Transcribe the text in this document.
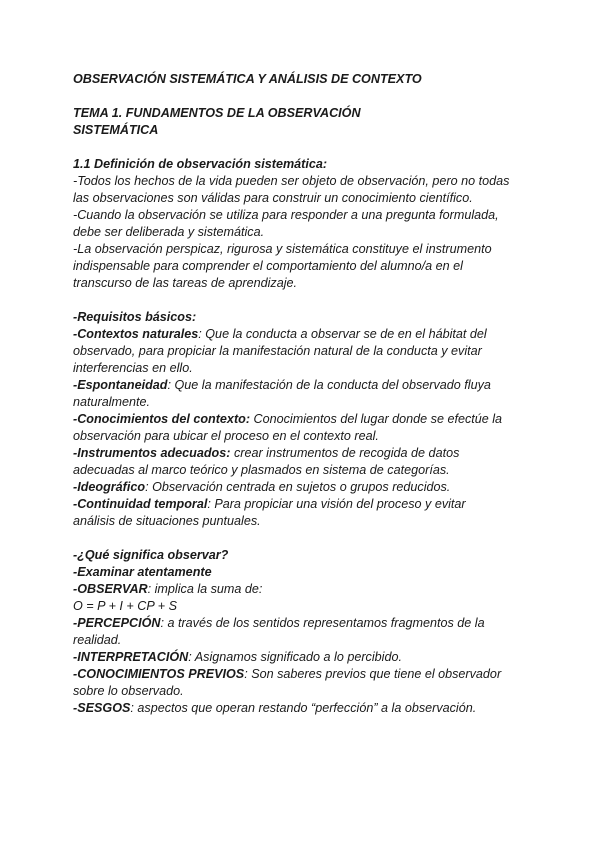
OBSERVACIÓN SISTEMÁTICA Y ANÁLISIS DE CONTEXTO
TEMA 1. FUNDAMENTOS DE LA OBSERVACIÓN
SISTEMÁTICA
1.1 Definición de observación sistemática:
-Todos los hechos de la vida pueden ser objeto de observación, pero no todas
las observaciones son válidas para construir un conocimiento científico.
-Cuando la observación se utiliza para responder a una pregunta formulada,
debe ser deliberada y sistemática.
-La observación perspicaz, rigurosa y sistemática constituye el instrumento
indispensable para comprender el comportamiento del alumno/a en el
transcurso de las tareas de aprendizaje.
-Requisitos básicos:
-Contextos naturales: Que la conducta a observar se de en el hábitat del
observado, para propiciar la manifestación natural de la conducta y evitar
interferencias en ello.
-Espontaneidad: Que la manifestación de la conducta del observado fluya
naturalmente.
-Conocimientos del contexto: Conocimientos del lugar donde se efectúe la
observación para ubicar el proceso en el contexto real.
-Instrumentos adecuados: crear instrumentos de recogida de datos
adecuadas al marco teórico y plasmados en sistema de categorías.
-Ideográfico: Observación centrada en sujetos o grupos reducidos.
-Continuidad temporal: Para propiciar una visión del proceso y evitar
análisis de situaciones puntuales.
-¿Qué significa observar?
-Examinar atentamente
-OBSERVAR: implica la suma de:
O = P + I + CP + S
-PERCEPCIÓN: a través de los sentidos representamos fragmentos de la
realidad.
-INTERPRETACIÓN: Asignamos significado a lo percibido.
-CONOCIMIENTOS PREVIOS: Son saberes previos que tiene el observador
sobre lo observado.
-SESGOS: aspectos que operan restando “perfección” a la observación.
